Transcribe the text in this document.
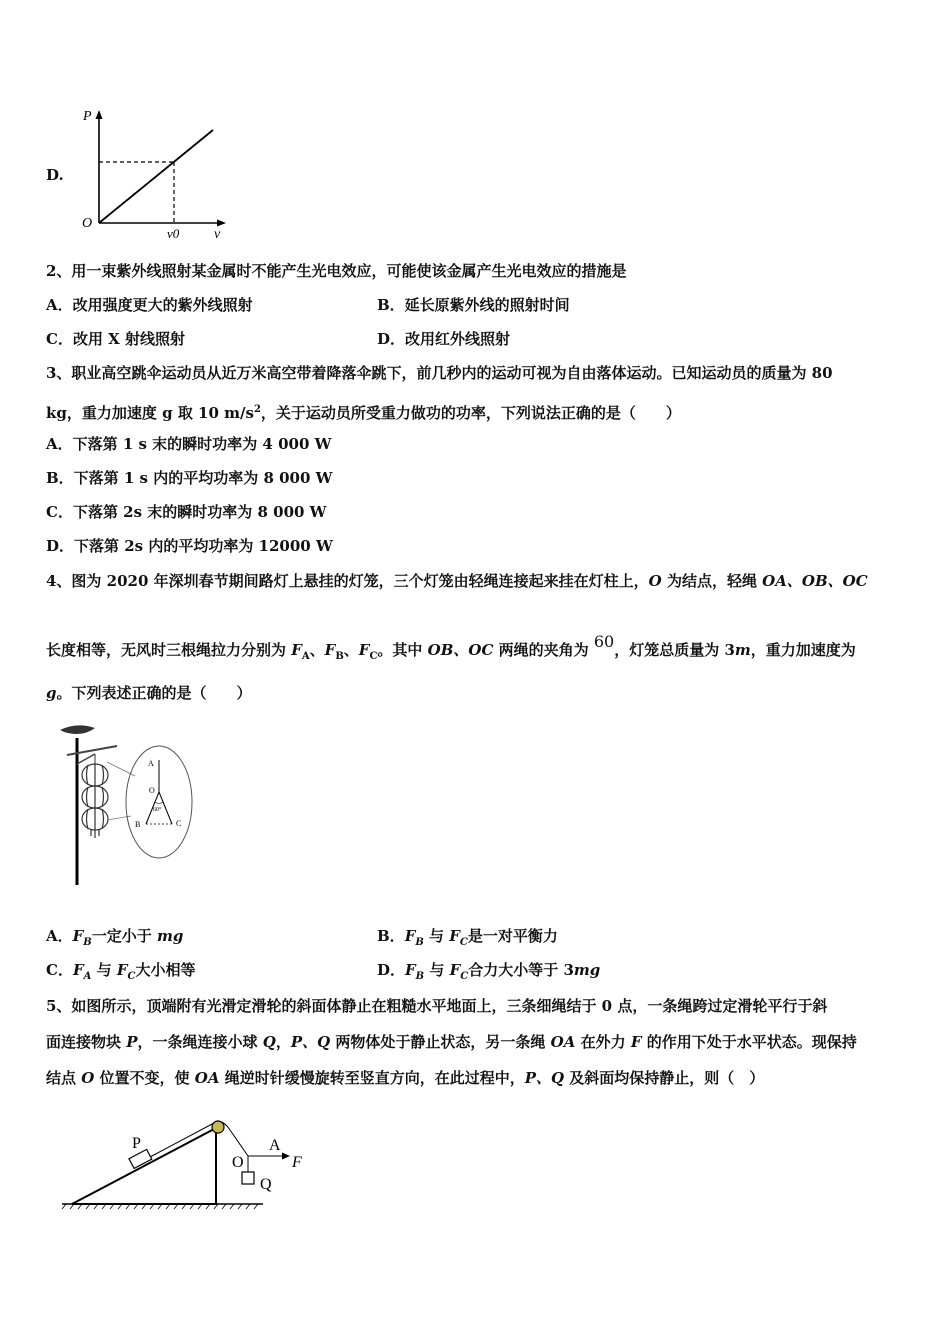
D.
P
O
v0 v
2、用一束紫外线照射某金属时不能产生光电效应，可能使该金属产生光电效应的措施是
A．改用强度更大的紫外线照射	B．延长原紫外线的照射时间
C．改用 X 射线照射	D．改用红外线照射
3、职业高空跳伞运动员从近万米高空带着降落伞跳下，前几秒内的运动可视为自由落体运动。已知运动员的质量为 80
kg，重力加速度 g 取 10 $m/s^2$，关于运动员所受重力做功的功率，下列说法正确的是（　　）
A．下落第 1 s 末的瞬时功率为 4 000 W
B．下落第 1 s 内的平均功率为 8 000 W
C．下落第 2s 末的瞬时功率为 8 000 W
D．下落第 2s 内的平均功率为 12000 W
4、图为 2020 年深圳春节期间路灯上悬挂的灯笼，三个灯笼由轻绳连接起来挂在灯柱上，O 为结点，轻绳 OA、OB、OC
长度相等，无风时三根绳拉力分别为 $F_A$、$F_B$、$F_C$。其中 OB、OC 两绳的夹角为 60，灯笼总质量为 3m，重力加速度为
g。下列表述正确的是（　　）
A
O
60°
B	C
A．$F_B$一定小于 mg	B．$F_B$ 与 $F_C$是一对平衡力
C．$F_A$ 与 $F_C$大小相等	D．$F_B$ 与 $F_C$合力大小等于 3mg
5、如图所示，顶端附有光滑定滑轮的斜面体静止在粗糙水平地面上，三条细绳结于 0 点，一条绳跨过定滑轮平行于斜
面连接物块 P，一条绳连接小球 Q，P、Q 两物体处于静止状态，另一条绳 OA 在外力 F 的作用下处于水平状态。现保持
结点 O 位置不变，使 OA 绳逆时针缓慢旋转至竖直方向，在此过程中，P、Q 及斜面均保持静止，则（　）
P
O
A
F
Q
